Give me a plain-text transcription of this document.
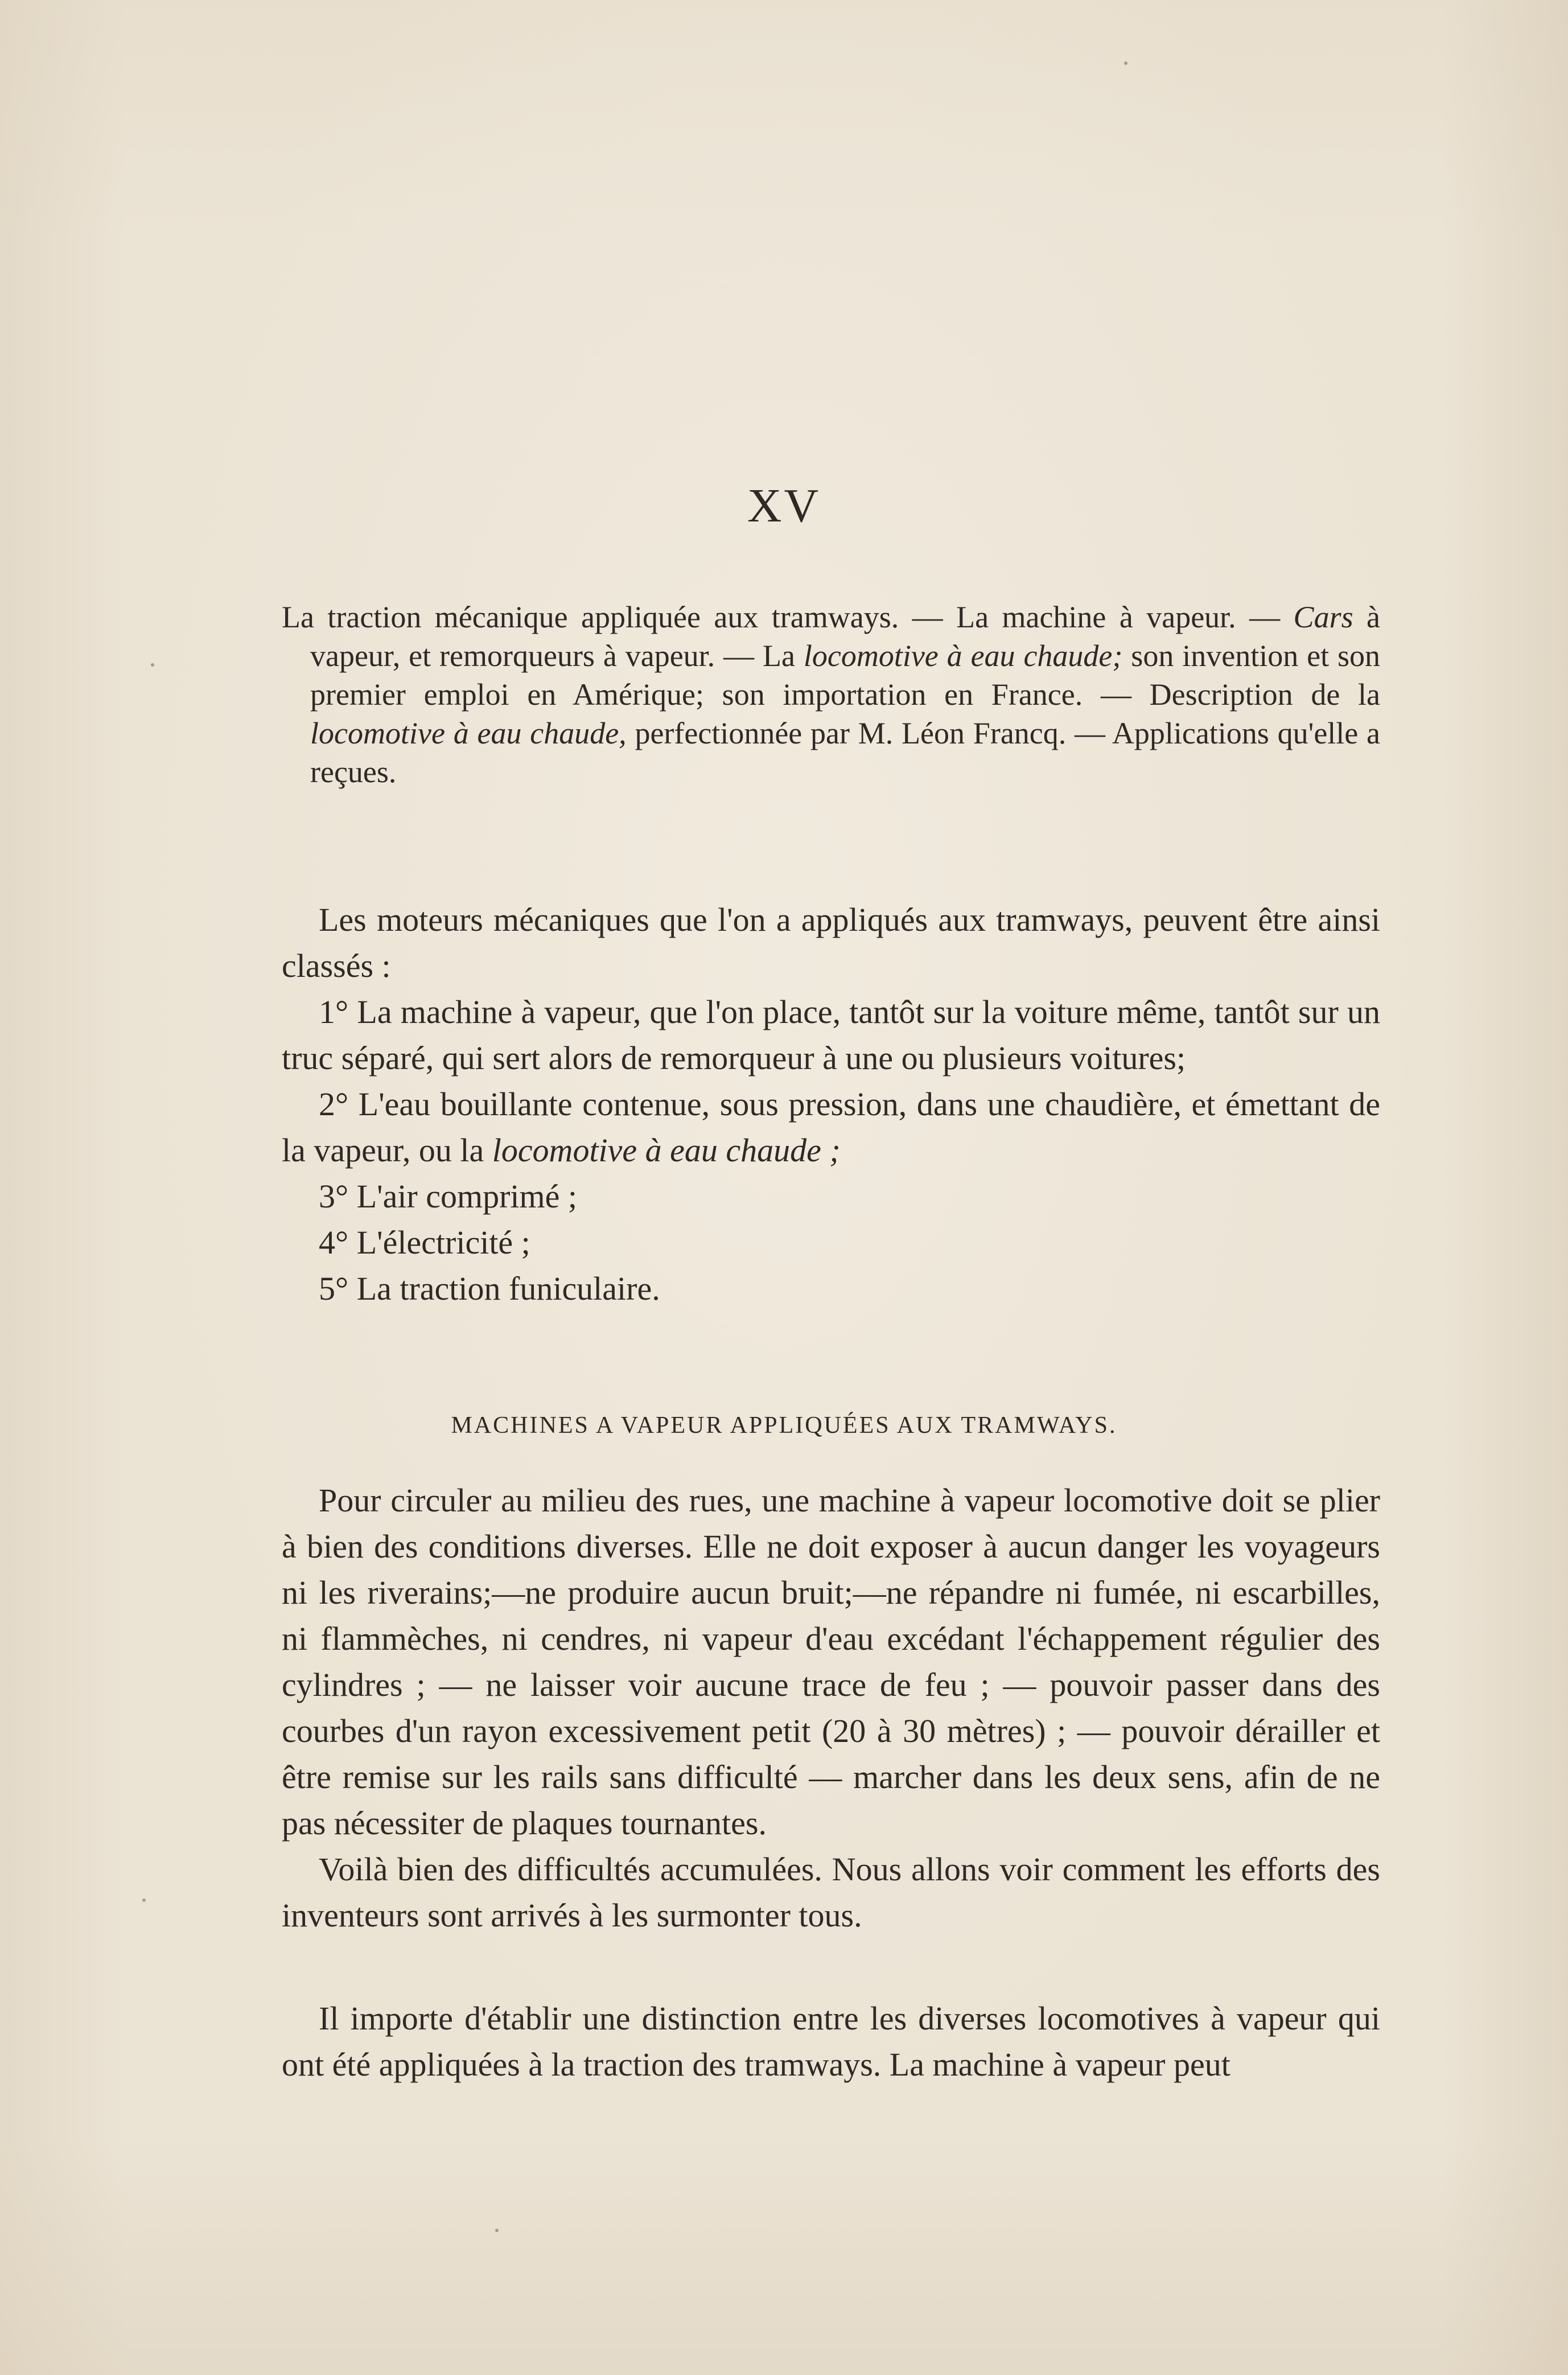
XV

La traction mécanique appliquée aux tramways. — La machine à vapeur. — Cars à vapeur, et remorqueurs à vapeur. — La locomotive à eau chaude; son invention et son premier emploi en Amérique; son importation en France. — Description de la locomotive à eau chaude, perfectionnée par M. Léon Francq. — Applications qu'elle a reçues.

Les moteurs mécaniques que l'on a appliqués aux tramways, peuvent être ainsi classés :

1° La machine à vapeur, que l'on place, tantôt sur la voiture même, tantôt sur un truc séparé, qui sert alors de remorqueur à une ou plusieurs voitures;

2° L'eau bouillante contenue, sous pression, dans une chaudière, et émettant de la vapeur, ou la locomotive à eau chaude ;

3° L'air comprimé ;

4° L'électricité ;

5° La traction funiculaire.

MACHINES A VAPEUR APPLIQUÉES AUX TRAMWAYS.

Pour circuler au milieu des rues, une machine à vapeur locomotive doit se plier à bien des conditions diverses. Elle ne doit exposer à aucun danger les voyageurs ni les riverains;—ne produire aucun bruit;—ne répandre ni fumée, ni escarbilles, ni flammèches, ni cendres, ni vapeur d'eau excédant l'échappement régulier des cylindres ; — ne laisser voir aucune trace de feu ; — pouvoir passer dans des courbes d'un rayon excessivement petit (20 à 30 mètres) ; — pouvoir dérailler et être remise sur les rails sans difficulté — marcher dans les deux sens, afin de ne pas nécessiter de plaques tournantes.

Voilà bien des difficultés accumulées. Nous allons voir comment les efforts des inventeurs sont arrivés à les surmonter tous.

Il importe d'établir une distinction entre les diverses locomotives à vapeur qui ont été appliquées à la traction des tramways. La machine à vapeur peut
